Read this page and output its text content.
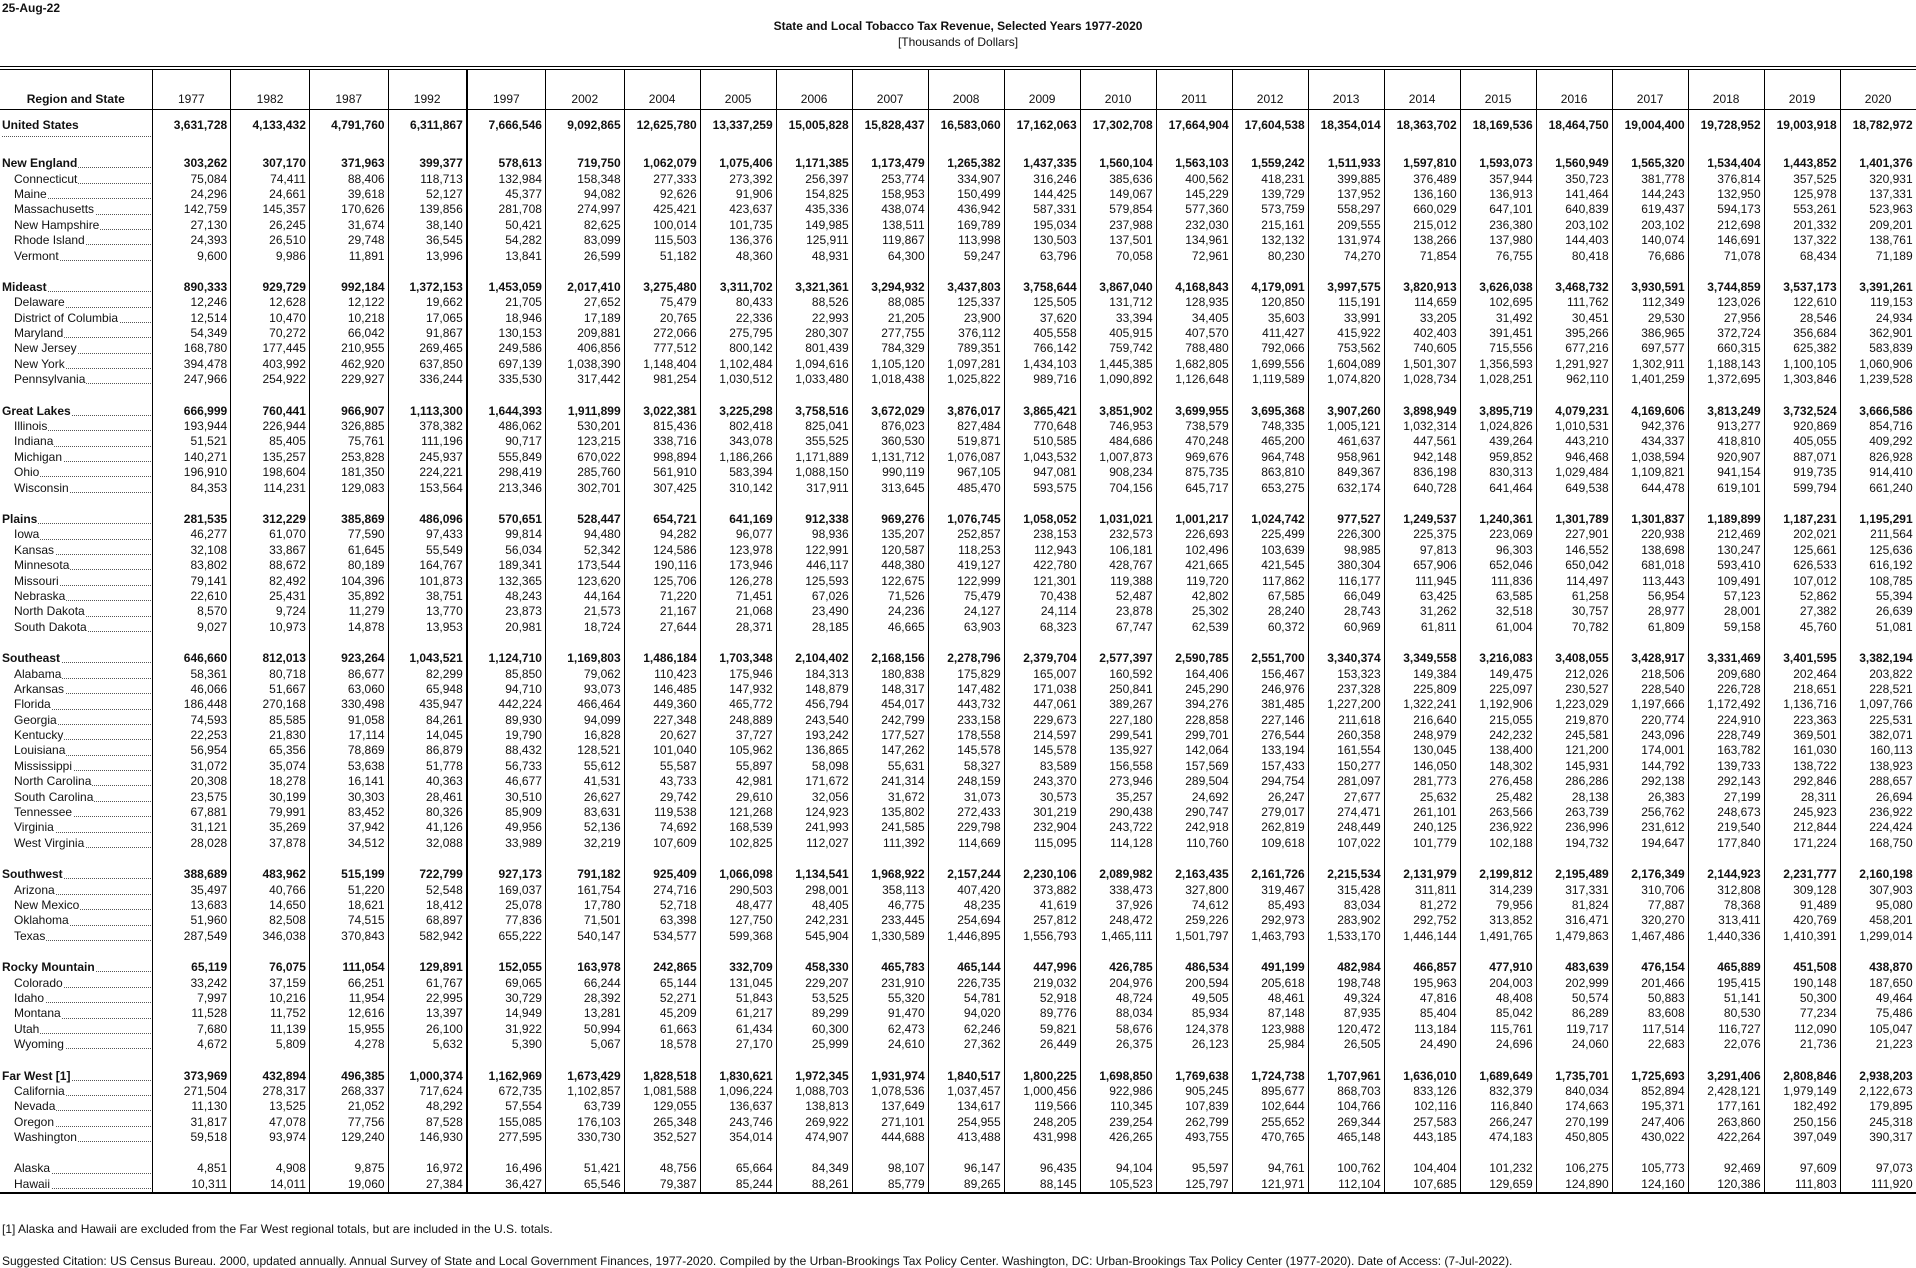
25-Aug-22
State and Local Tobacco Tax Revenue, Selected Years 1977-2020
[Thousands of Dollars]
Region and State	1977	1982	1987	1992	1997	2002	2004	2005	2006	2007	2008	2009	2010	2011	2012	2013	2014	2015	2016	2017	2018	2019	2020

United States	3,631,728	4,133,432	4,791,760	6,311,867	7,666,546	9,092,865	12,625,780	13,337,259	15,005,828	15,828,437	16,583,060	17,162,063	17,302,708	17,664,904	17,604,538	18,354,014	18,363,702	18,169,536	18,464,750	19,004,400	19,728,952	19,003,918	18,782,972

New England	303,262	307,170	371,963	399,377	578,613	719,750	1,062,079	1,075,406	1,171,385	1,173,479	1,265,382	1,437,335	1,560,104	1,563,103	1,559,242	1,511,933	1,597,810	1,593,073	1,560,949	1,565,320	1,534,404	1,443,852	1,401,376

Connecticut	75,084	74,411	88,406	118,713	132,984	158,348	277,333	273,392	256,397	253,774	334,907	316,246	385,636	400,562	418,231	399,885	376,489	357,944	350,723	381,778	376,814	357,525	320,931

Maine	24,296	24,661	39,618	52,127	45,377	94,082	92,626	91,906	154,825	158,953	150,499	144,425	149,067	145,229	139,729	137,952	136,160	136,913	141,464	144,243	132,950	125,978	137,331

Massachusetts	142,759	145,357	170,626	139,856	281,708	274,997	425,421	423,637	435,336	438,074	436,942	587,331	579,854	577,360	573,759	558,297	660,029	647,101	640,839	619,437	594,173	553,261	523,963

New Hampshire	27,130	26,245	31,674	38,140	50,421	82,625	100,014	101,735	149,985	138,511	169,789	195,034	237,988	232,030	215,161	209,555	215,012	236,380	203,102	203,102	212,698	201,332	209,201

Rhode Island	24,393	26,510	29,748	36,545	54,282	83,099	115,503	136,376	125,911	119,867	113,998	130,503	137,501	134,961	132,132	131,974	138,266	137,980	144,403	140,074	146,691	137,322	138,761

Vermont	9,600	9,986	11,891	13,996	13,841	26,599	51,182	48,360	48,931	64,300	59,247	63,796	70,058	72,961	80,230	74,270	71,854	76,755	80,418	76,686	71,078	68,434	71,189

Mideast	890,333	929,729	992,184	1,372,153	1,453,059	2,017,410	3,275,480	3,311,702	3,321,361	3,294,932	3,437,803	3,758,644	3,867,040	4,168,843	4,179,091	3,997,575	3,820,913	3,626,038	3,468,732	3,930,591	3,744,859	3,537,173	3,391,261

Delaware	12,246	12,628	12,122	19,662	21,705	27,652	75,479	80,433	88,526	88,085	125,337	125,505	131,712	128,935	120,850	115,191	114,659	102,695	111,762	112,349	123,026	122,610	119,153

District of Columbia	12,514	10,470	10,218	17,065	18,946	17,189	20,765	22,336	22,993	21,205	23,900	37,620	33,394	34,405	35,603	33,991	33,205	31,492	30,451	29,530	27,956	28,546	24,934

Maryland	54,349	70,272	66,042	91,867	130,153	209,881	272,066	275,795	280,307	277,755	376,112	405,558	405,915	407,570	411,427	415,922	402,403	391,451	395,266	386,965	372,724	356,684	362,901

New Jersey	168,780	177,445	210,955	269,465	249,586	406,856	777,512	800,142	801,439	784,329	789,351	766,142	759,742	788,480	792,066	753,562	740,605	715,556	677,216	697,577	660,315	625,382	583,839

New York	394,478	403,992	462,920	637,850	697,139	1,038,390	1,148,404	1,102,484	1,094,616	1,105,120	1,097,281	1,434,103	1,445,385	1,682,805	1,699,556	1,604,089	1,501,307	1,356,593	1,291,927	1,302,911	1,188,143	1,100,105	1,060,906

Pennsylvania	247,966	254,922	229,927	336,244	335,530	317,442	981,254	1,030,512	1,033,480	1,018,438	1,025,822	989,716	1,090,892	1,126,648	1,119,589	1,074,820	1,028,734	1,028,251	962,110	1,401,259	1,372,695	1,303,846	1,239,528

Great Lakes	666,999	760,441	966,907	1,113,300	1,644,393	1,911,899	3,022,381	3,225,298	3,758,516	3,672,029	3,876,017	3,865,421	3,851,902	3,699,955	3,695,368	3,907,260	3,898,949	3,895,719	4,079,231	4,169,606	3,813,249	3,732,524	3,666,586

Illinois	193,944	226,944	326,885	378,382	486,062	530,201	815,436	802,418	825,041	876,023	827,484	770,648	746,953	738,579	748,335	1,005,121	1,032,314	1,024,826	1,010,531	942,376	913,277	920,869	854,716

Indiana	51,521	85,405	75,761	111,196	90,717	123,215	338,716	343,078	355,525	360,530	519,871	510,585	484,686	470,248	465,200	461,637	447,561	439,264	443,210	434,337	418,810	405,055	409,292

Michigan	140,271	135,257	253,828	245,937	555,849	670,022	998,894	1,186,266	1,171,889	1,131,712	1,076,087	1,043,532	1,007,873	969,676	964,748	958,961	942,148	959,852	946,468	1,038,594	920,907	887,071	826,928

Ohio	196,910	198,604	181,350	224,221	298,419	285,760	561,910	583,394	1,088,150	990,119	967,105	947,081	908,234	875,735	863,810	849,367	836,198	830,313	1,029,484	1,109,821	941,154	919,735	914,410

Wisconsin	84,353	114,231	129,083	153,564	213,346	302,701	307,425	310,142	317,911	313,645	485,470	593,575	704,156	645,717	653,275	632,174	640,728	641,464	649,538	644,478	619,101	599,794	661,240

Plains	281,535	312,229	385,869	486,096	570,651	528,447	654,721	641,169	912,338	969,276	1,076,745	1,058,052	1,031,021	1,001,217	1,024,742	977,527	1,249,537	1,240,361	1,301,789	1,301,837	1,189,899	1,187,231	1,195,291

Iowa	46,277	61,070	77,590	97,433	99,814	94,480	94,282	96,077	98,936	135,207	252,857	238,153	232,573	226,693	225,499	226,300	225,375	223,069	227,901	220,938	212,469	202,021	211,564

Kansas	32,108	33,867	61,645	55,549	56,034	52,342	124,586	123,978	122,991	120,587	118,253	112,943	106,181	102,496	103,639	98,985	97,813	96,303	146,552	138,698	130,247	125,661	125,636

Minnesota	83,802	88,672	80,189	164,767	189,341	173,544	190,116	173,946	446,117	448,380	419,127	422,780	428,767	421,665	421,545	380,304	657,906	652,046	650,042	681,018	593,410	626,533	616,192

Missouri	79,141	82,492	104,396	101,873	132,365	123,620	125,706	126,278	125,593	122,675	122,999	121,301	119,388	119,720	117,862	116,177	111,945	111,836	114,497	113,443	109,491	107,012	108,785

Nebraska	22,610	25,431	35,892	38,751	48,243	44,164	71,220	71,451	67,026	71,526	75,479	70,438	52,487	42,802	67,585	66,049	63,425	63,585	61,258	56,954	57,123	52,862	55,394

North Dakota	8,570	9,724	11,279	13,770	23,873	21,573	21,167	21,068	23,490	24,236	24,127	24,114	23,878	25,302	28,240	28,743	31,262	32,518	30,757	28,977	28,001	27,382	26,639

South Dakota	9,027	10,973	14,878	13,953	20,981	18,724	27,644	28,371	28,185	46,665	63,903	68,323	67,747	62,539	60,372	60,969	61,811	61,004	70,782	61,809	59,158	45,760	51,081

Southeast	646,660	812,013	923,264	1,043,521	1,124,710	1,169,803	1,486,184	1,703,348	2,104,402	2,168,156	2,278,796	2,379,704	2,577,397	2,590,785	2,551,700	3,340,374	3,349,558	3,216,083	3,408,055	3,428,917	3,331,469	3,401,595	3,382,194

Alabama	58,361	80,718	86,677	82,299	85,850	79,062	110,423	175,946	184,313	180,838	175,829	165,007	160,592	164,406	156,467	153,323	149,384	149,475	212,026	218,506	209,680	202,464	203,822

Arkansas	46,066	51,667	63,060	65,948	94,710	93,073	146,485	147,932	148,879	148,317	147,482	171,038	250,841	245,290	246,976	237,328	225,809	225,097	230,527	228,540	226,728	218,651	228,521

Florida	186,448	270,168	330,498	435,947	442,224	466,464	449,360	465,772	456,794	454,017	443,732	447,061	389,267	394,276	381,485	1,227,200	1,322,241	1,192,906	1,223,029	1,197,666	1,172,492	1,136,716	1,097,766

Georgia	74,593	85,585	91,058	84,261	89,930	94,099	227,348	248,889	243,540	242,799	233,158	229,673	227,180	228,858	227,146	211,618	216,640	215,055	219,870	220,774	224,910	223,363	225,531

Kentucky	22,253	21,830	17,114	14,045	19,790	16,828	20,627	37,727	193,242	177,527	178,558	214,597	299,541	299,701	276,544	260,358	248,979	242,232	245,581	243,096	228,749	369,501	382,071

Louisiana	56,954	65,356	78,869	86,879	88,432	128,521	101,040	105,962	136,865	147,262	145,578	145,578	135,927	142,064	133,194	161,554	130,045	138,400	121,200	174,001	163,782	161,030	160,113

Mississippi	31,072	35,074	53,638	51,778	56,733	55,612	55,587	55,897	58,098	55,631	58,327	83,589	156,558	157,569	157,433	150,277	146,050	148,302	145,931	144,792	139,733	138,722	138,923

North Carolina	20,308	18,278	16,141	40,363	46,677	41,531	43,733	42,981	171,672	241,314	248,159	243,370	273,946	289,504	294,754	281,097	281,773	276,458	286,286	292,138	292,143	292,846	288,657

South Carolina	23,575	30,199	30,303	28,461	30,510	26,627	29,742	29,610	32,056	31,672	31,073	30,573	35,257	24,692	26,247	27,677	25,632	25,482	28,138	26,383	27,199	28,311	26,694

Tennessee	67,881	79,991	83,452	80,326	85,909	83,631	119,538	121,268	124,923	135,802	272,433	301,219	290,438	290,747	279,017	274,471	261,101	263,566	263,739	256,762	248,673	245,923	236,922

Virginia	31,121	35,269	37,942	41,126	49,956	52,136	74,692	168,539	241,993	241,585	229,798	232,904	243,722	242,918	262,819	248,449	240,125	236,922	236,996	231,612	219,540	212,844	224,424

West Virginia	28,028	37,878	34,512	32,088	33,989	32,219	107,609	102,825	112,027	111,392	114,669	115,095	114,128	110,760	109,618	107,022	101,779	102,188	194,732	194,647	177,840	171,224	168,750

Southwest	388,689	483,962	515,199	722,799	927,173	791,182	925,409	1,066,098	1,134,541	1,968,922	2,157,244	2,230,106	2,089,982	2,163,435	2,161,726	2,215,534	2,131,979	2,199,812	2,195,489	2,176,349	2,144,923	2,231,777	2,160,198

Arizona	35,497	40,766	51,220	52,548	169,037	161,754	274,716	290,503	298,001	358,113	407,420	373,882	338,473	327,800	319,467	315,428	311,811	314,239	317,331	310,706	312,808	309,128	307,903

New Mexico	13,683	14,650	18,621	18,412	25,078	17,780	52,718	48,477	48,405	46,775	48,235	41,619	37,926	74,612	85,493	83,034	81,272	79,956	81,824	77,887	78,368	91,489	95,080

Oklahoma	51,960	82,508	74,515	68,897	77,836	71,501	63,398	127,750	242,231	233,445	254,694	257,812	248,472	259,226	292,973	283,902	292,752	313,852	316,471	320,270	313,411	420,769	458,201

Texas	287,549	346,038	370,843	582,942	655,222	540,147	534,577	599,368	545,904	1,330,589	1,446,895	1,556,793	1,465,111	1,501,797	1,463,793	1,533,170	1,446,144	1,491,765	1,479,863	1,467,486	1,440,336	1,410,391	1,299,014

Rocky Mountain	65,119	76,075	111,054	129,891	152,055	163,978	242,865	332,709	458,330	465,783	465,144	447,996	426,785	486,534	491,199	482,984	466,857	477,910	483,639	476,154	465,889	451,508	438,870

Colorado	33,242	37,159	66,251	61,767	69,065	66,244	65,144	131,045	229,207	231,910	226,735	219,032	204,976	200,594	205,618	198,748	195,963	204,003	202,999	201,466	195,415	190,148	187,650

Idaho	7,997	10,216	11,954	22,995	30,729	28,392	52,271	51,843	53,525	55,320	54,781	52,918	48,724	49,505	48,461	49,324	47,816	48,408	50,574	50,883	51,141	50,300	49,464

Montana	11,528	11,752	12,616	13,397	14,949	13,281	45,209	61,217	89,299	91,470	94,020	89,776	88,034	85,934	87,148	87,935	85,404	85,042	86,289	83,608	80,530	77,234	75,486

Utah	7,680	11,139	15,955	26,100	31,922	50,994	61,663	61,434	60,300	62,473	62,246	59,821	58,676	124,378	123,988	120,472	113,184	115,761	119,717	117,514	116,727	112,090	105,047

Wyoming	4,672	5,809	4,278	5,632	5,390	5,067	18,578	27,170	25,999	24,610	27,362	26,449	26,375	26,123	25,984	26,505	24,490	24,696	24,060	22,683	22,076	21,736	21,223

Far West [1]	373,969	432,894	496,385	1,000,374	1,162,969	1,673,429	1,828,518	1,830,621	1,972,345	1,931,974	1,840,517	1,800,225	1,698,850	1,769,638	1,724,738	1,707,961	1,636,010	1,689,649	1,735,701	1,725,693	3,291,406	2,808,846	2,938,203

California	271,504	278,317	268,337	717,624	672,735	1,102,857	1,081,588	1,096,224	1,088,703	1,078,536	1,037,457	1,000,456	922,986	905,245	895,677	868,703	833,126	832,379	840,034	852,894	2,428,121	1,979,149	2,122,673

Nevada	11,130	13,525	21,052	48,292	57,554	63,739	129,055	136,637	138,813	137,649	134,617	119,566	110,345	107,839	102,644	104,766	102,116	116,840	174,663	195,371	177,161	182,492	179,895

Oregon	31,817	47,078	77,756	87,528	155,085	176,103	265,348	243,746	269,922	271,101	254,955	248,205	239,254	262,799	255,652	269,344	257,583	266,247	270,199	247,406	263,860	250,156	245,318

Washington	59,518	93,974	129,240	146,930	277,595	330,730	352,527	354,014	474,907	444,688	413,488	431,998	426,265	493,755	470,765	465,148	443,185	474,183	450,805	430,022	422,264	397,049	390,317

Alaska	4,851	4,908	9,875	16,972	16,496	51,421	48,756	65,664	84,349	98,107	96,147	96,435	94,104	95,597	94,761	100,762	104,404	101,232	106,275	105,773	92,469	97,609	97,073

Hawaii	10,311	14,011	19,060	27,384	36,427	65,546	79,387	85,244	88,261	85,779	89,265	88,145	105,523	125,797	121,971	112,104	107,685	129,659	124,890	124,160	120,386	111,803	111,920
[1] Alaska and Hawaii are excluded from the Far West regional totals, but are included in the U.S. totals.
Suggested Citation: US Census Bureau. 2000, updated annually. Annual Survey of State and Local Government Finances, 1977-2020. Compiled by the Urban-Brookings Tax Policy Center. Washington, DC: Urban-Brookings Tax Policy Center (1977-2020). Date of Access: (7-Jul-2022).
